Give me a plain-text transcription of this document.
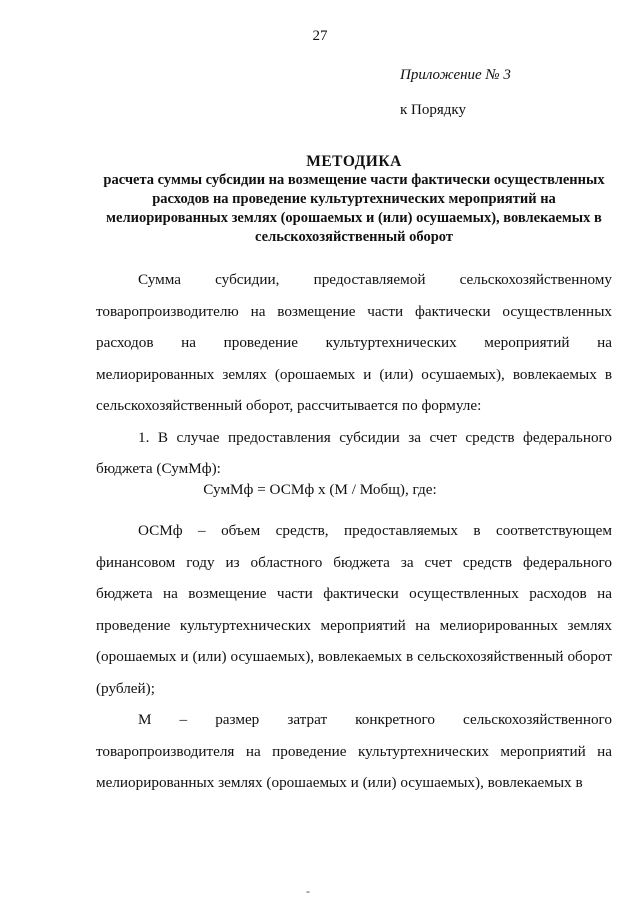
27
Приложение № 3
к Порядку
МЕТОДИКА
расчета суммы субсидии на возмещение части фактически осуществленных расходов на проведение культуртехнических мероприятий на мелиорированных землях (орошаемых и (или) осушаемых), вовлекаемых в сельскохозяйственный оборот

Сумма субсидии, предоставляемой сельскохозяйственному

товаропроизводителю на возмещение части фактически осуществленных расходов на проведение культуртехнических мероприятий на мелиорированных землях (орошаемых и (или) осушаемых), вовлекаемых в сельскохозяйственный оборот, рассчитывается по формуле:

1. В случае предоставления субсидии за счет средств федерального бюджета (СумМф):

СумМф = ОСМф х (М / Мобщ), где:

ОСМф – объем средств, предоставляемых в соответствующем финансовом году из областного бюджета за счет средств федерального бюджета на возмещение части фактически осуществленных расходов на проведение культуртехнических мероприятий на мелиорированных землях (орошаемых и (или) осушаемых), вовлекаемых в сельскохозяйственный оборот (рублей);

М – размер затрат конкретного сельскохозяйственного

товаропроизводителя на проведение культуртехнических мероприятий на мелиорированных землях (орошаемых и (или) осушаемых), вовлекаемых в

-
